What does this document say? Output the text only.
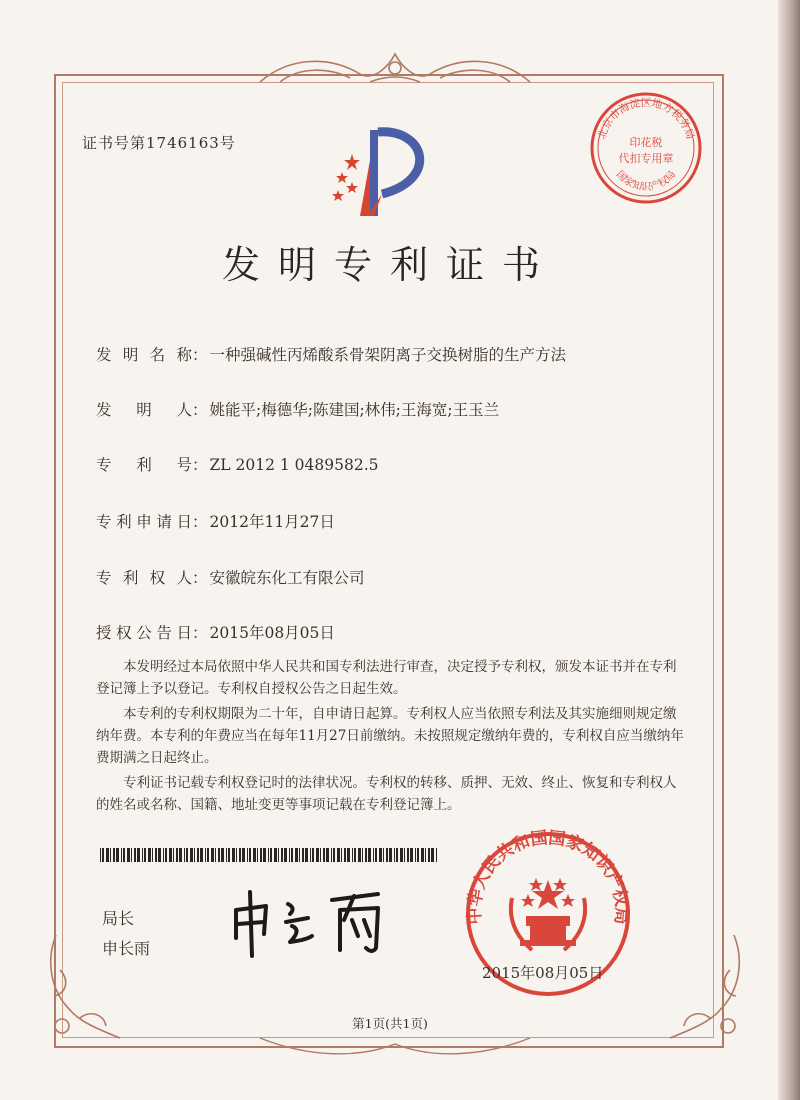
证书号第1746163号
北京市海淀区地方税务局
印花税
代扣专用章
国家知识产权局
发明专利证书
发明名称： 一种强碱性丙烯酸系骨架阴离子交换树脂的生产方法
发明人： 姚能平;梅德华;陈建国;林伟;王海宽;王玉兰
专利号： ZL 2012 1 0489582.5
专利申请日： 2012年11月27日
专利权人： 安徽皖东化工有限公司
授权公告日： 2015年08月05日

本发明经过本局依照中华人民共和国专利法进行审查，决定授予专利权，颁发本证书并在专利登记簿上予以登记。专利权自授权公告之日起生效。

本专利的专利权期限为二十年，自申请日起算。专利权人应当依照专利法及其实施细则规定缴纳年费。本专利的年费应当在每年11月27日前缴纳。未按照规定缴纳年费的，专利权自应当缴纳年费期满之日起终止。

专利证书记载专利权登记时的法律状况。专利权的转移、质押、无效、终止、恢复和专利权人的姓名或名称、国籍、地址变更等事项记载在专利登记簿上。

局长
申长雨
中华人民共和国国家知识产权局
2015年08月05日
第1页(共1页)
